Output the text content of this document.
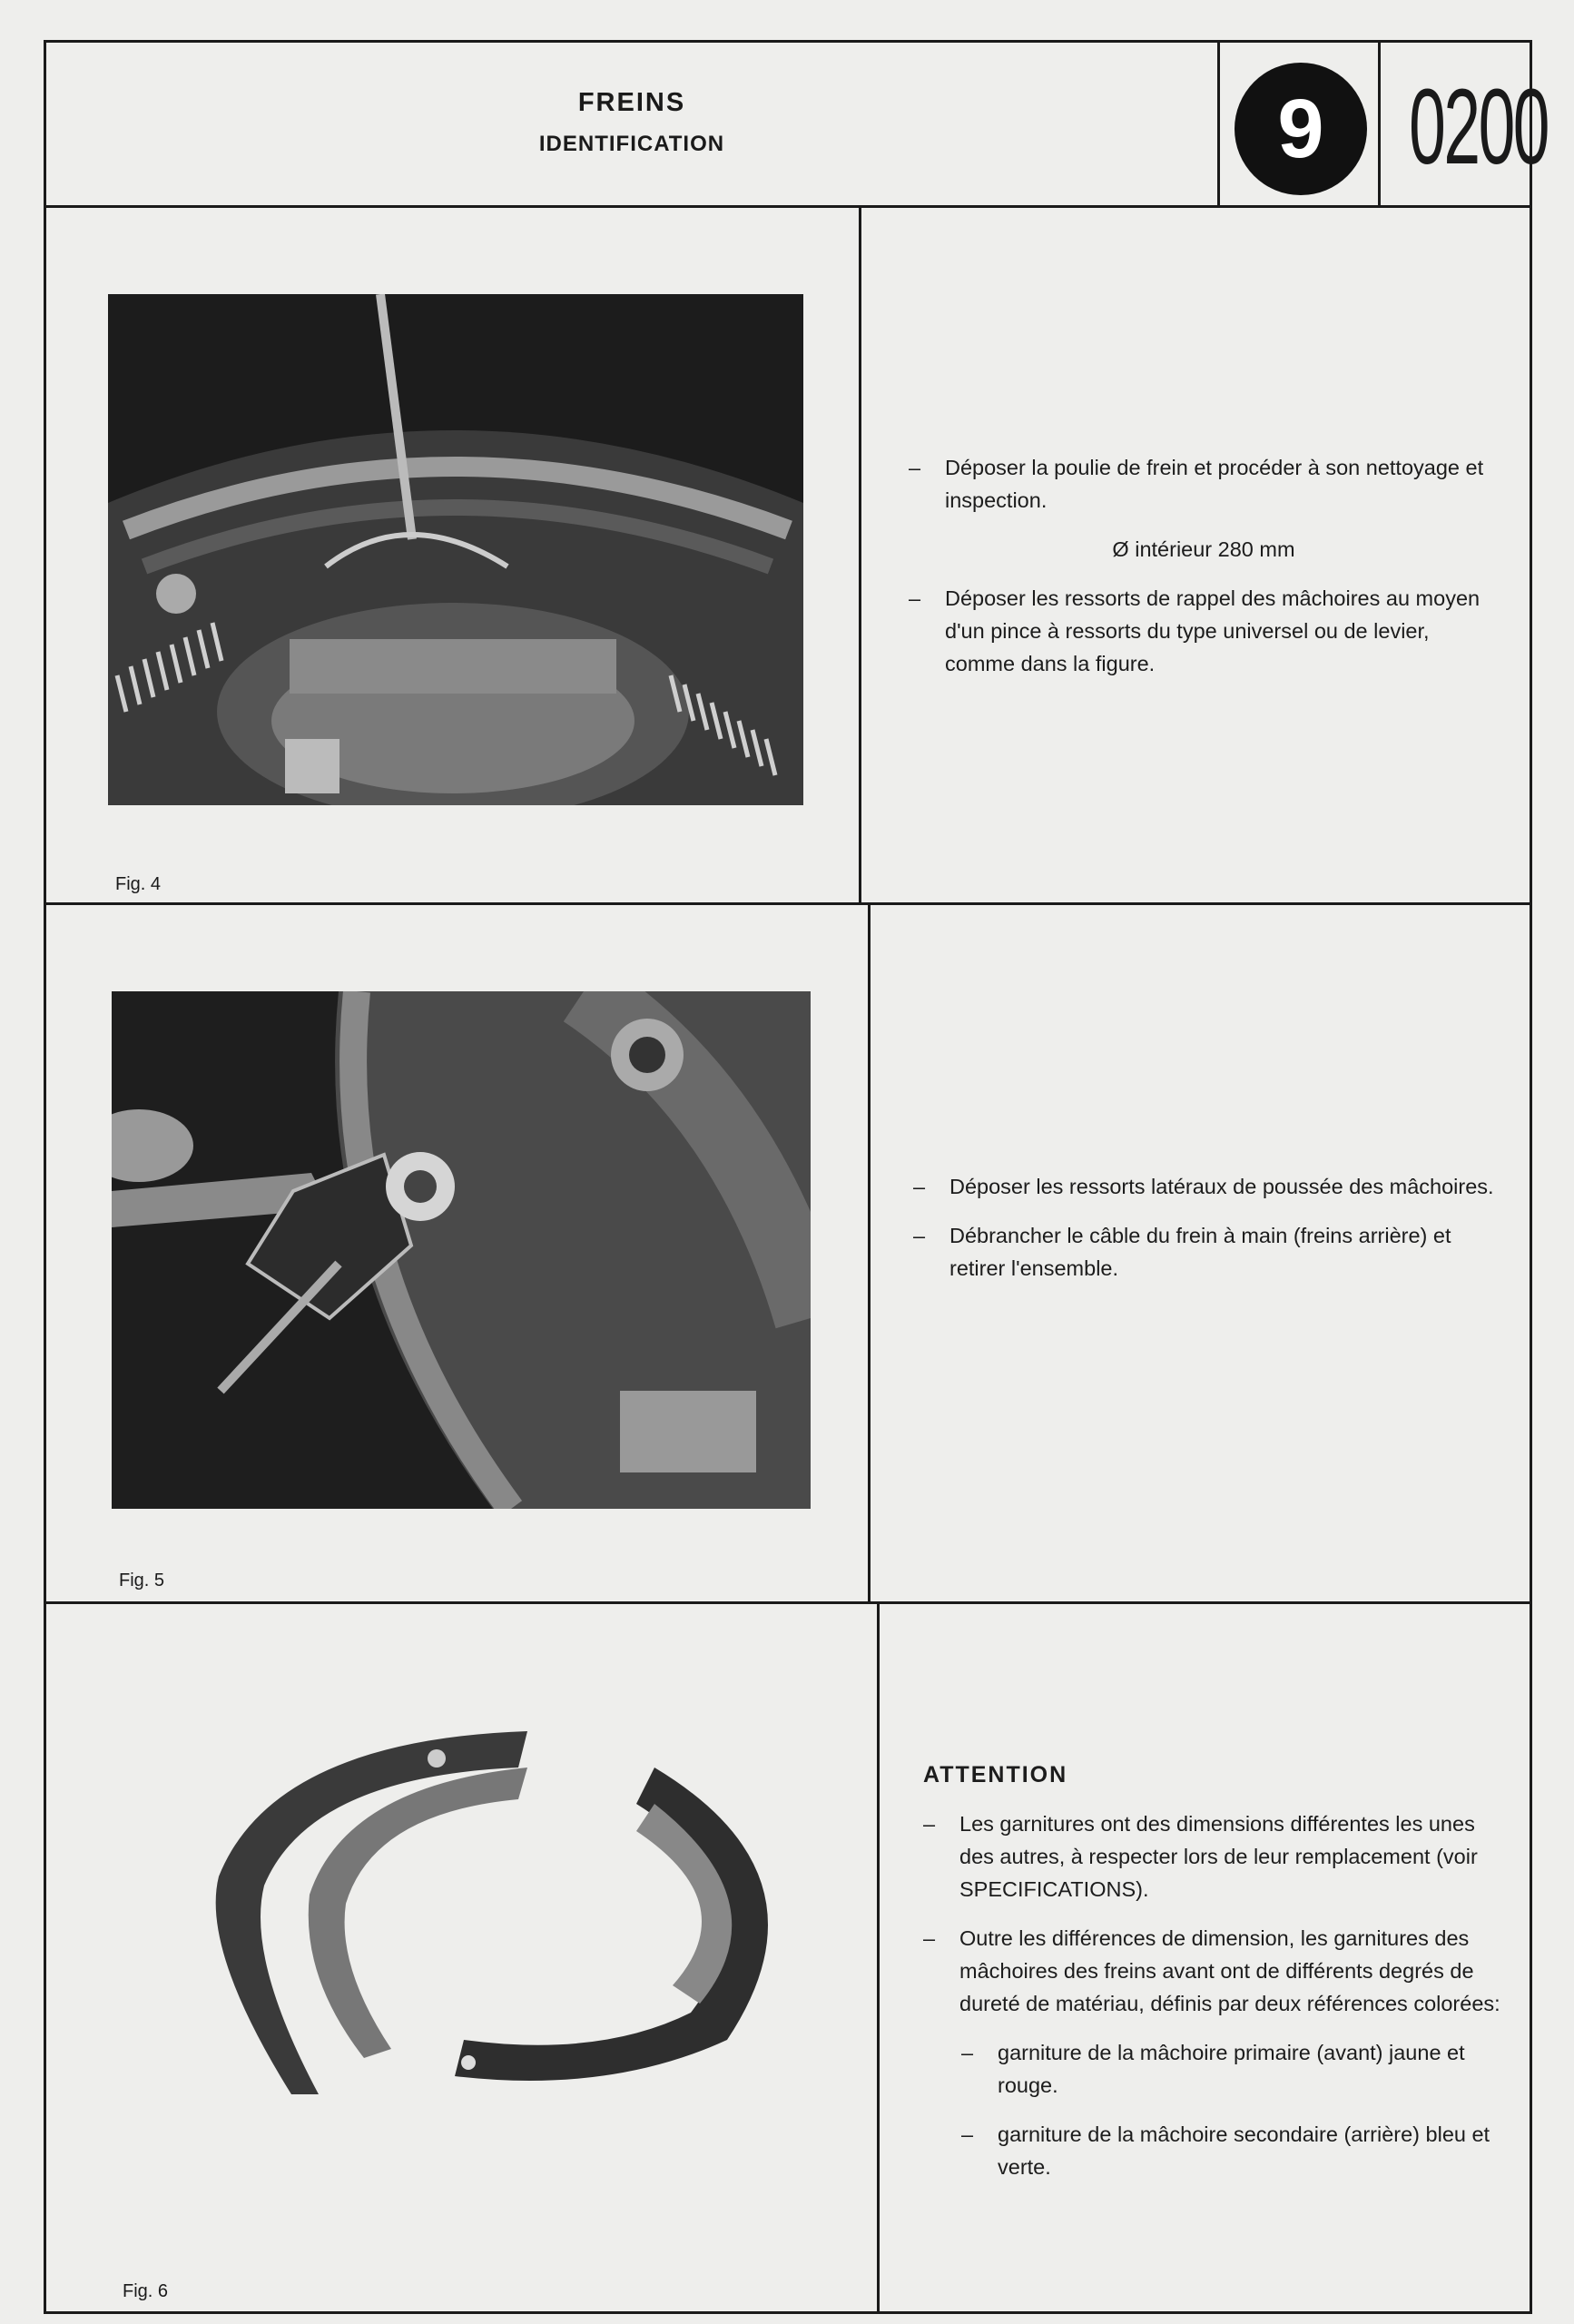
FREINS
IDENTIFICATION	9 0200
Fig. 4
– Déposer la poulie de frein et procéder à son nettoyage et inspection.
Ø intérieur 280 mm
– Déposer les ressorts de rappel des mâchoires au moyen d'un pince à ressorts du type universel ou de levier, comme dans la figure.
Fig. 5
– Déposer les ressorts latéraux de poussée des mâchoires.
– Débrancher le câble du frein à main (freins arrière) et retirer l'ensemble.
Fig. 6
ATTENTION
– Les garnitures ont des dimensions différentes les unes des autres, à respecter lors de leur remplacement (voir SPECIFICATIONS).
– Outre les différences de dimension, les garnitures des mâchoires des freins avant ont de différents degrés de dureté de matériau, définis par deux références colorées:
– garniture de la mâchoire primaire (avant) jaune et rouge.
– garniture de la mâchoire secondaire (arrière) bleu et verte.
